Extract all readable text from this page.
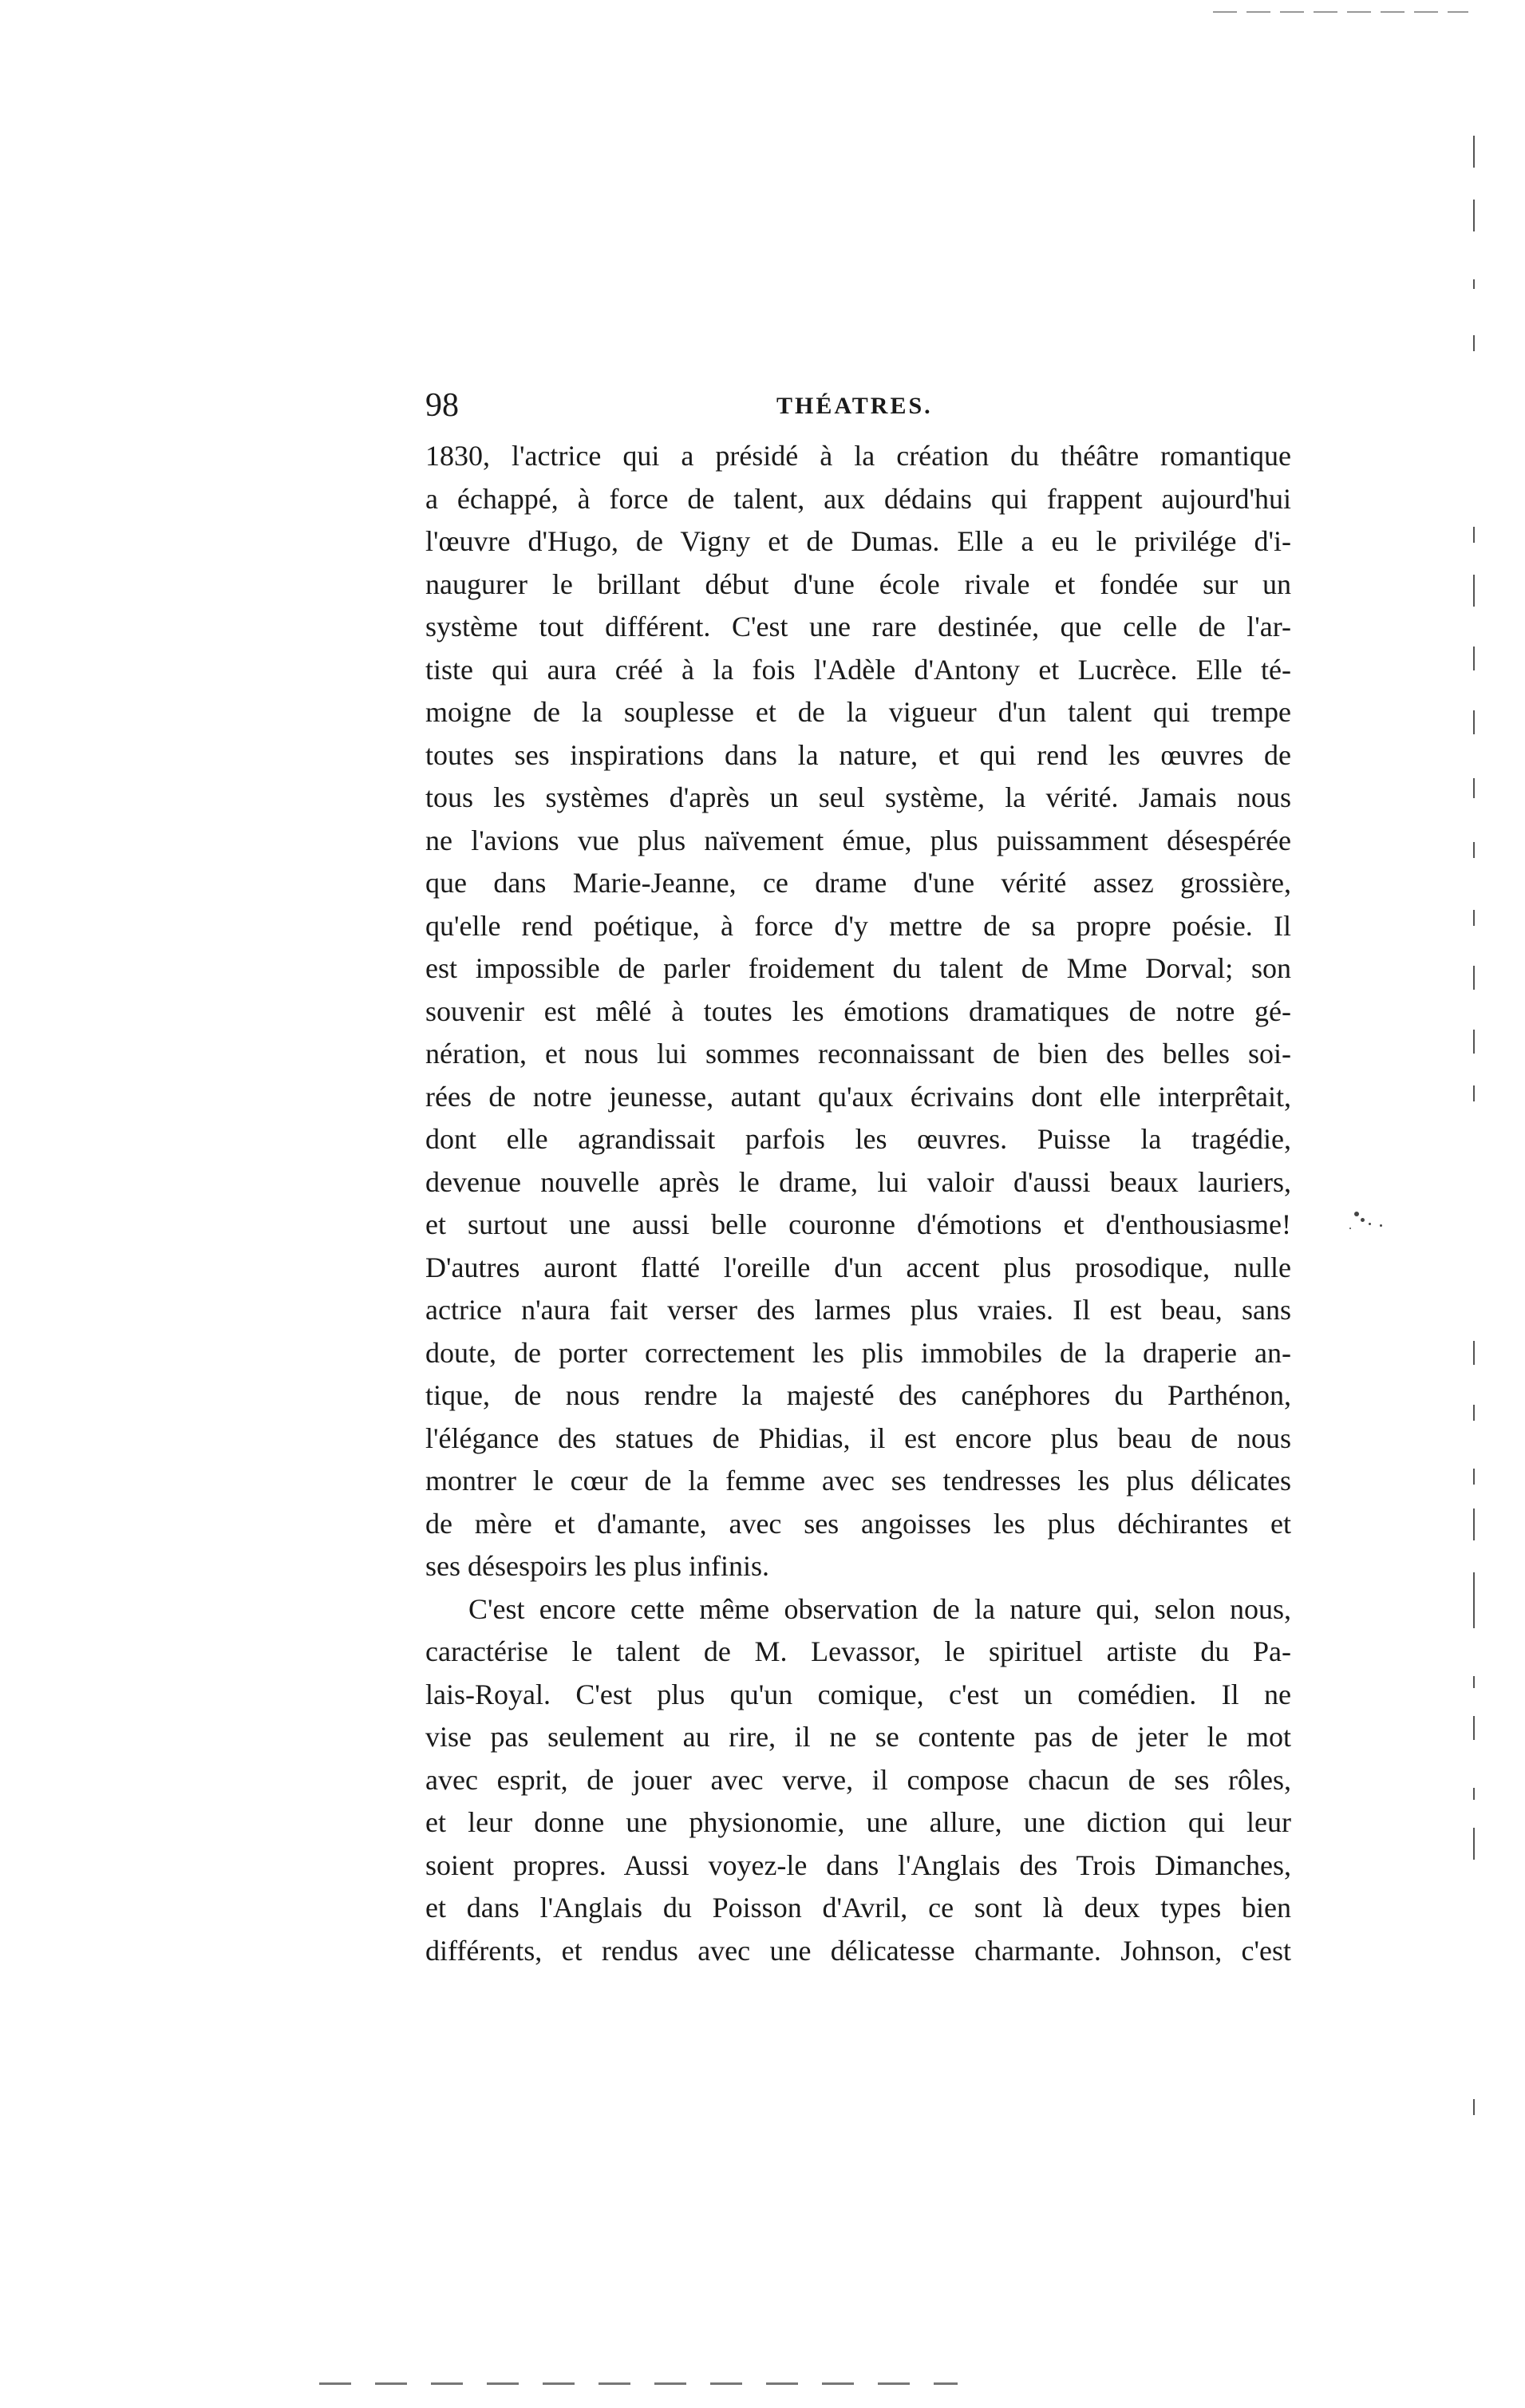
98	THÉATRES.
1830, l'actrice qui a présidé à la création du théâtre romantique
a échappé, à force de talent, aux dédains qui frappent aujourd'hui
l'œuvre d'Hugo, de Vigny et de Dumas. Elle a eu le privilége d'i-
naugurer le brillant début d'une école rivale et fondée sur un
système tout différent. C'est une rare destinée, que celle de l'ar-
tiste qui aura créé à la fois l'Adèle d'Antony et Lucrèce. Elle té-
moigne de la souplesse et de la vigueur d'un talent qui trempe
toutes ses inspirations dans la nature, et qui rend les œuvres de
tous les systèmes d'après un seul système, la vérité. Jamais nous
ne l'avions vue plus naïvement émue, plus puissamment désespérée
que dans Marie-Jeanne, ce drame d'une vérité assez grossière,
qu'elle rend poétique, à force d'y mettre de sa propre poésie. Il
est impossible de parler froidement du talent de Mme Dorval; son
souvenir est mêlé à toutes les émotions dramatiques de notre gé-
nération, et nous lui sommes reconnaissant de bien des belles soi-
rées de notre jeunesse, autant qu'aux écrivains dont elle interprêtait,
dont elle agrandissait parfois les œuvres. Puisse la tragédie,
devenue nouvelle après le drame, lui valoir d'aussi beaux lauriers,
et surtout une aussi belle couronne d'émotions et d'enthousiasme!
D'autres auront flatté l'oreille d'un accent plus prosodique, nulle
actrice n'aura fait verser des larmes plus vraies. Il est beau, sans
doute, de porter correctement les plis immobiles de la draperie an-
tique, de nous rendre la majesté des canéphores du Parthénon,
l'élégance des statues de Phidias, il est encore plus beau de nous
montrer le cœur de la femme avec ses tendresses les plus délicates
de mère et d'amante, avec ses angoisses les plus déchirantes et
ses désespoirs les plus infinis.
C'est encore cette même observation de la nature qui, selon nous,
caractérise le talent de M. Levassor, le spirituel artiste du Pa-
lais-Royal. C'est plus qu'un comique, c'est un comédien. Il ne
vise pas seulement au rire, il ne se contente pas de jeter le mot
avec esprit, de jouer avec verve, il compose chacun de ses rôles,
et leur donne une physionomie, une allure, une diction qui leur
soient propres. Aussi voyez-le dans l'Anglais des Trois Dimanches,
et dans l'Anglais du Poisson d'Avril, ce sont là deux types bien
différents, et rendus avec une délicatesse charmante. Johnson, c'est
